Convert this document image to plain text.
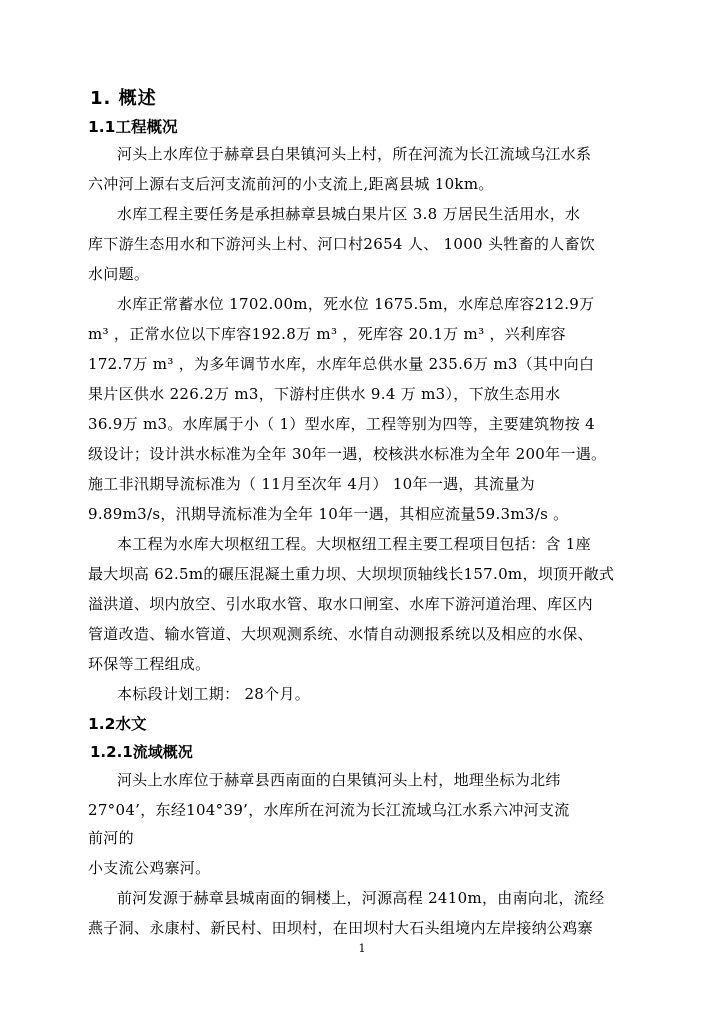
1. 概述
1.1工程概况
河头上水库位于赫章县白果镇河头上村，所在河流为长江流域乌江水系
六冲河上源右支后河支流前河的小支流上,距离县城 10km。
水库工程主要任务是承担赫章县城白果片区 3.8 万居民生活用水，水
库下游生态用水和下游河头上村、河口村2654 人、 1000 头牲畜的人畜饮
水问题。
水库正常蓄水位 1702.00m，死水位 1675.5m，水库总库容212.9万
m³ ，正常水位以下库容192.8万 m³ ，死库容 20.1万 m³ ，兴利库容
172.7万 m³ ，为多年调节水库，水库年总供水量 235.6万 m3（其中向白
果片区供水 226.2万 m3，下游村庄供水 9.4 万 m3），下放生态用水
36.9万 m3。水库属于小（ 1）型水库，工程等别为四等，主要建筑物按 4
级设计；设计洪水标准为全年 30年一遇，校核洪水标准为全年 200年一遇。
施工非汛期导流标准为（ 11月至次年 4月） 10年一遇，其流量为
9.89m3/s，汛期导流标准为全年 10年一遇，其相应流量59.3m3/s 。
本工程为水库大坝枢纽工程。大坝枢纽工程主要工程项目包括：含 1座
最大坝高 62.5m的碾压混凝土重力坝、大坝坝顶轴线长157.0m，坝顶开敞式
溢洪道、坝内放空、引水取水管、取水口闸室、水库下游河道治理、库区内
管道改造、输水管道、大坝观测系统、水情自动测报系统以及相应的水保、
环保等工程组成。
本标段计划工期： 28个月。
1.2水文
1.2.1流域概况
河头上水库位于赫章县西南面的白果镇河头上村，地理坐标为北纬
27°04’，东经104°39’，水库所在河流为长江流域乌江水系六冲河支流
前河的
小支流公鸡寨河。
前河发源于赫章县城南面的铜楼上，河源高程 2410m，由南向北，流经
燕子洞、永康村、新民村、田坝村，在田坝村大石头组境内左岸接纳公鸡寨
1
